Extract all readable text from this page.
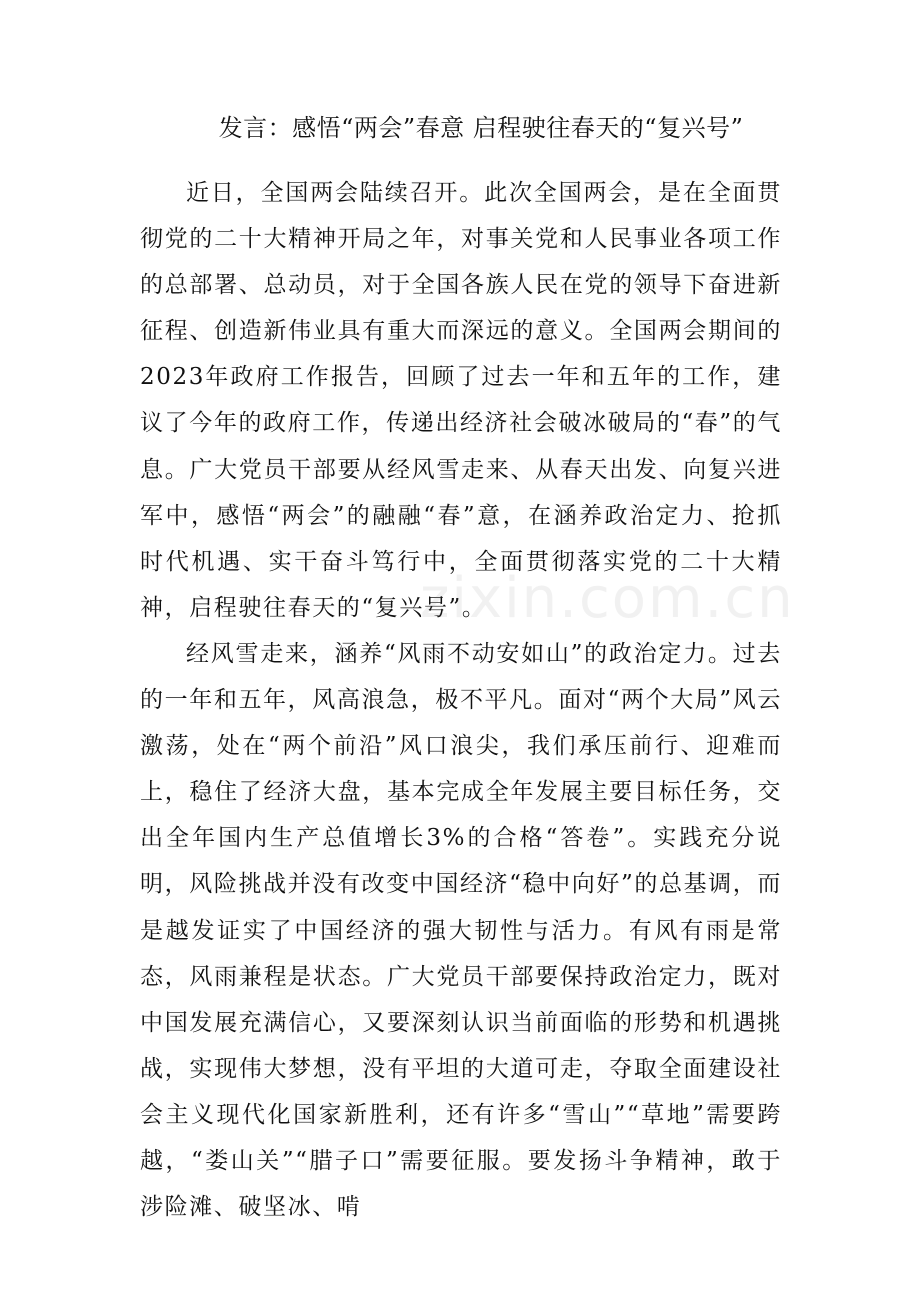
发言：感悟“两会”春意 启程驶往春天的“复兴号”

近日，全国两会陆续召开。此次全国两会，是在全面贯彻党的二十大精神开局之年，对事关党和人民事业各项工作的总部署、总动员，对于全国各族人民在党的领导下奋进新征程、创造新伟业具有重大而深远的意义。全国两会期间的2023年政府工作报告，回顾了过去一年和五年的工作，建议了今年的政府工作，传递出经济社会破冰破局的“春”的气息。广大党员干部要从经风雪走来、从春天出发、向复兴进军中，感悟“两会”的融融“春”意，在涵养政治定力、抢抓时代机遇、实干奋斗笃行中，全面贯彻落实党的二十大精神，启程驶往春天的“复兴号”。

经风雪走来，涵养“风雨不动安如山”的政治定力。过去的一年和五年，风高浪急，极不平凡。面对“两个大局”风云激荡，处在“两个前沿”风口浪尖，我们承压前行、迎难而上，稳住了经济大盘，基本完成全年发展主要目标任务，交出全年国内生产总值增长3%的合格“答卷”。实践充分说明，风险挑战并没有改变中国经济“稳中向好”的总基调，而是越发证实了中国经济的强大韧性与活力。有风有雨是常态，风雨兼程是状态。广大党员干部要保持政治定力，既对中国发展充满信心，又要深刻认识当前面临的形势和机遇挑战，实现伟大梦想，没有平坦的大道可走，夺取全面建设社会主义现代化国家新胜利，还有许多“雪山”“草地”需要跨越，“娄山关”“腊子口”需要征服。要发扬斗争精神，敢于涉险滩、破坚冰、啃

zixin.com.cn
